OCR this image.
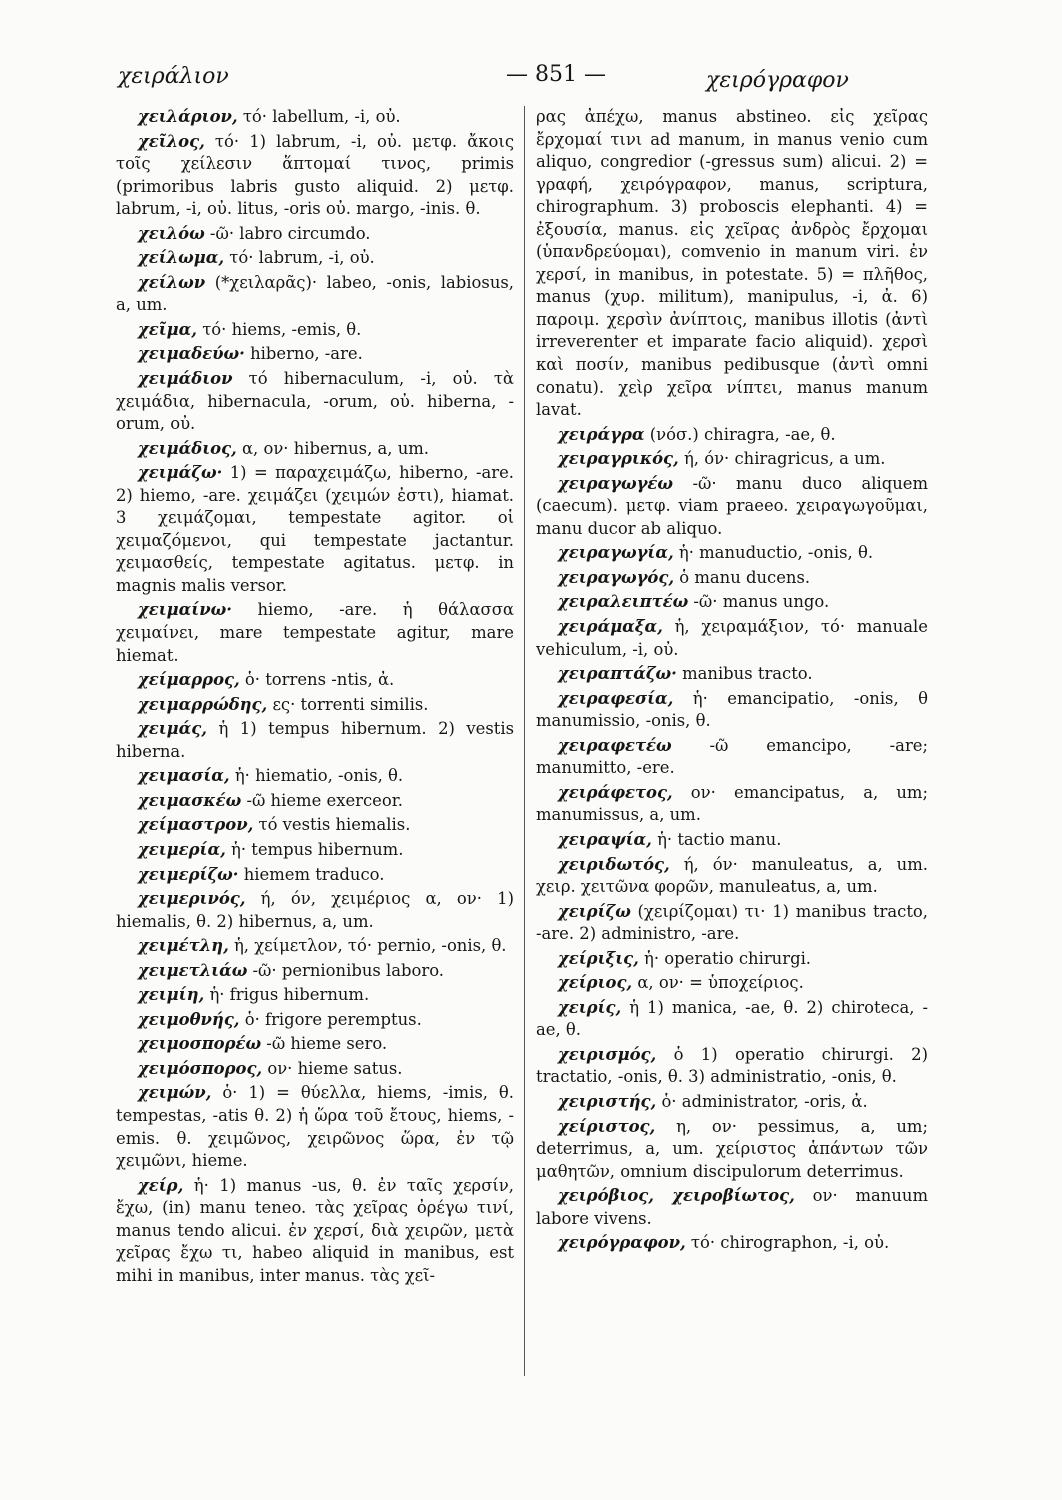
χειράλιον	— 851 —	χειρόγραφον
χειλάριον, τό· labellum, -i, οὐ.
χεῖλος, τό· 1) labrum, -i, οὐ. μετφ. ἄκοις τοῖς χείλεσιν ἅπτομαί τινος, primis (primoribus labris gusto aliquid. 2) μετφ. labrum, -i, οὐ. litus, -oris οὐ. margo, -inis. θ.
χειλόω -ῶ· labro circumdo.
χείλωμα, τό· labrum, -i, οὐ.
χείλων (*χειλαρᾶς)· labeo, -onis, labiosus, a, um.
χεῖμα, τό· hiems, -emis, θ.
χειμαδεύω· hiberno, -are.
χειμάδιον τό hibernaculum, -i, οὐ. τὰ χειμάδια, hibernacula, -orum, οὐ. hiberna, -orum, οὐ.
χειμάδιος, α, ον· hibernus, a, um.
χειμάζω· 1) = παραχειμάζω, hiberno, -are. 2) hiemo, -are. χειμάζει (χειμών ἐστι), hiamat. 3 χειμάζομαι, tempestate agitor. οἱ χειμαζόμενοι, qui tempestate jactantur. χειμασθείς, tempestate agitatus. μετφ. in magnis malis versor.
χειμαίνω· hiemo, -are. ἡ θάλασσα χειμαίνει, mare tempestate agitur, mare hiemat.
χείμαρρος, ὁ· torrens -ntis, ἀ.
χειμαρρώδης, ες· torrenti similis.
χειμάς, ἡ 1) tempus hibernum. 2) vestis hiberna.
χειμασία, ἡ· hiematio, -onis, θ.
χειμασκέω -ῶ hieme exerceor.
χείμαστρον, τό vestis hiemalis.
χειμερία, ἡ· tempus hibernum.
χειμερίζω· hiemem traduco.
χειμερινός, ή, όν, χειμέριος α, ον· 1) hiemalis, θ. 2) hibernus, a, um.
χειμέτλη, ἡ, χείμετλον, τό· pernio, -onis, θ.
χειμετλιάω -ῶ· pernionibus laboro.
χειμίη, ἡ· frigus hibernum.
χειμοθνής, ὁ· frigore peremptus.
χειμοσπορέω -ῶ hieme sero.
χειμόσπορος, ον· hieme satus.
χειμών, ὁ· 1) = θύελλα, hiems, -imis, θ. tempestas, -atis θ. 2) ἡ ὥρα τοῦ ἔτους, hiems, -emis. θ. χειμῶνος, χειρῶνος ὥρα, ἐν τῷ χειμῶνι, hieme.
χείρ, ἡ· 1) manus -us, θ. ἐν ταῖς χερσίν, ἔχω, (in) manu teneo. τὰς χεῖρας ὀρέγω τινί, manus tendo alicui. ἐν χερσί, διὰ χειρῶν, μετὰ χεῖρας ἔχω τι, habeo aliquid in manibus, est mihi in manibus, inter manus. τὰς χεῖ-
ρας ἀπέχω, manus abstineo. εἰς χεῖρας ἔρχομαί τινι ad manum, in manus venio cum aliquo, congredior (-gressus sum) alicui. 2) = γραφή, χειρόγραφον, manus, scriptura, chirographum. 3) proboscis elephanti. 4) = ἐξουσία, manus. εἰς χεῖρας ἀνδρὸς ἔρχομαι (ὑπανδρεύομαι), comvenio in manum viri. ἐν χερσί, in manibus, in potestate. 5) = πλῆθος, manus (χυρ. militum), manipulus, -i, ἀ. 6) παροιμ. χερσὶν ἀνίπτοις, manibus illotis (ἀντὶ irreverenter et imparate facio aliquid). χερσὶ καὶ ποσίν, manibus pedibusque (ἀντὶ omni conatu). χεὶρ χεῖρα νίπτει, manus manum lavat.
χειράγρα (νόσ.) chiragra, -ae, θ.
χειραγρικός, ή, όν· chiragricus, a um.
χειραγωγέω -ῶ· manu duco aliquem (caecum). μετφ. viam praeeo. χειραγωγοῦμαι, manu ducor ab aliquo.
χειραγωγία, ἡ· manuductio, -onis, θ.
χειραγωγός, ὁ manu ducens.
χειραλειπτέω -ῶ· manus ungo.
χειράμαξα, ἡ, χειραμάξιον, τό· manuale vehiculum, -i, οὐ.
χειραπτάζω· manibus tracto.
χειραφεσία, ἡ· emancipatio, -onis, θ manumissio, -onis, θ.
χειραφετέω -ῶ emancipo, -are; manumitto, -ere.
χειράφετος, ον· emancipatus, a, um; manumissus, a, um.
χειραψία, ἡ· tactio manu.
χειριδωτός, ή, όν· manuleatus, a, um. χειρ. χειτῶνα φορῶν, manuleatus, a, um.
χειρίζω (χειρίζομαι) τι· 1) manibus tracto, -are. 2) administro, -are.
χείριξις, ἡ· operatio chirurgi.
χείριος, α, ον· = ὑποχείριος.
χειρίς, ἡ 1) manica, -ae, θ. 2) chiroteca, -ae, θ.
χειρισμός, ὁ 1) operatio chirurgi. 2) tractatio, -onis, θ. 3) administratio, -onis, θ.
χειριστής, ὁ· administrator, -oris, ἀ.
χείριστος, η, ον· pessimus, a, um; deterrimus, a, um. χείριστος ἁπάντων τῶν μαθητῶν, omnium discipulorum deterrimus.
χειρόβιος, χειροβίωτος, ον· manuum labore vivens.
χειρόγραφον, τό· chirographon, -i, οὐ.
